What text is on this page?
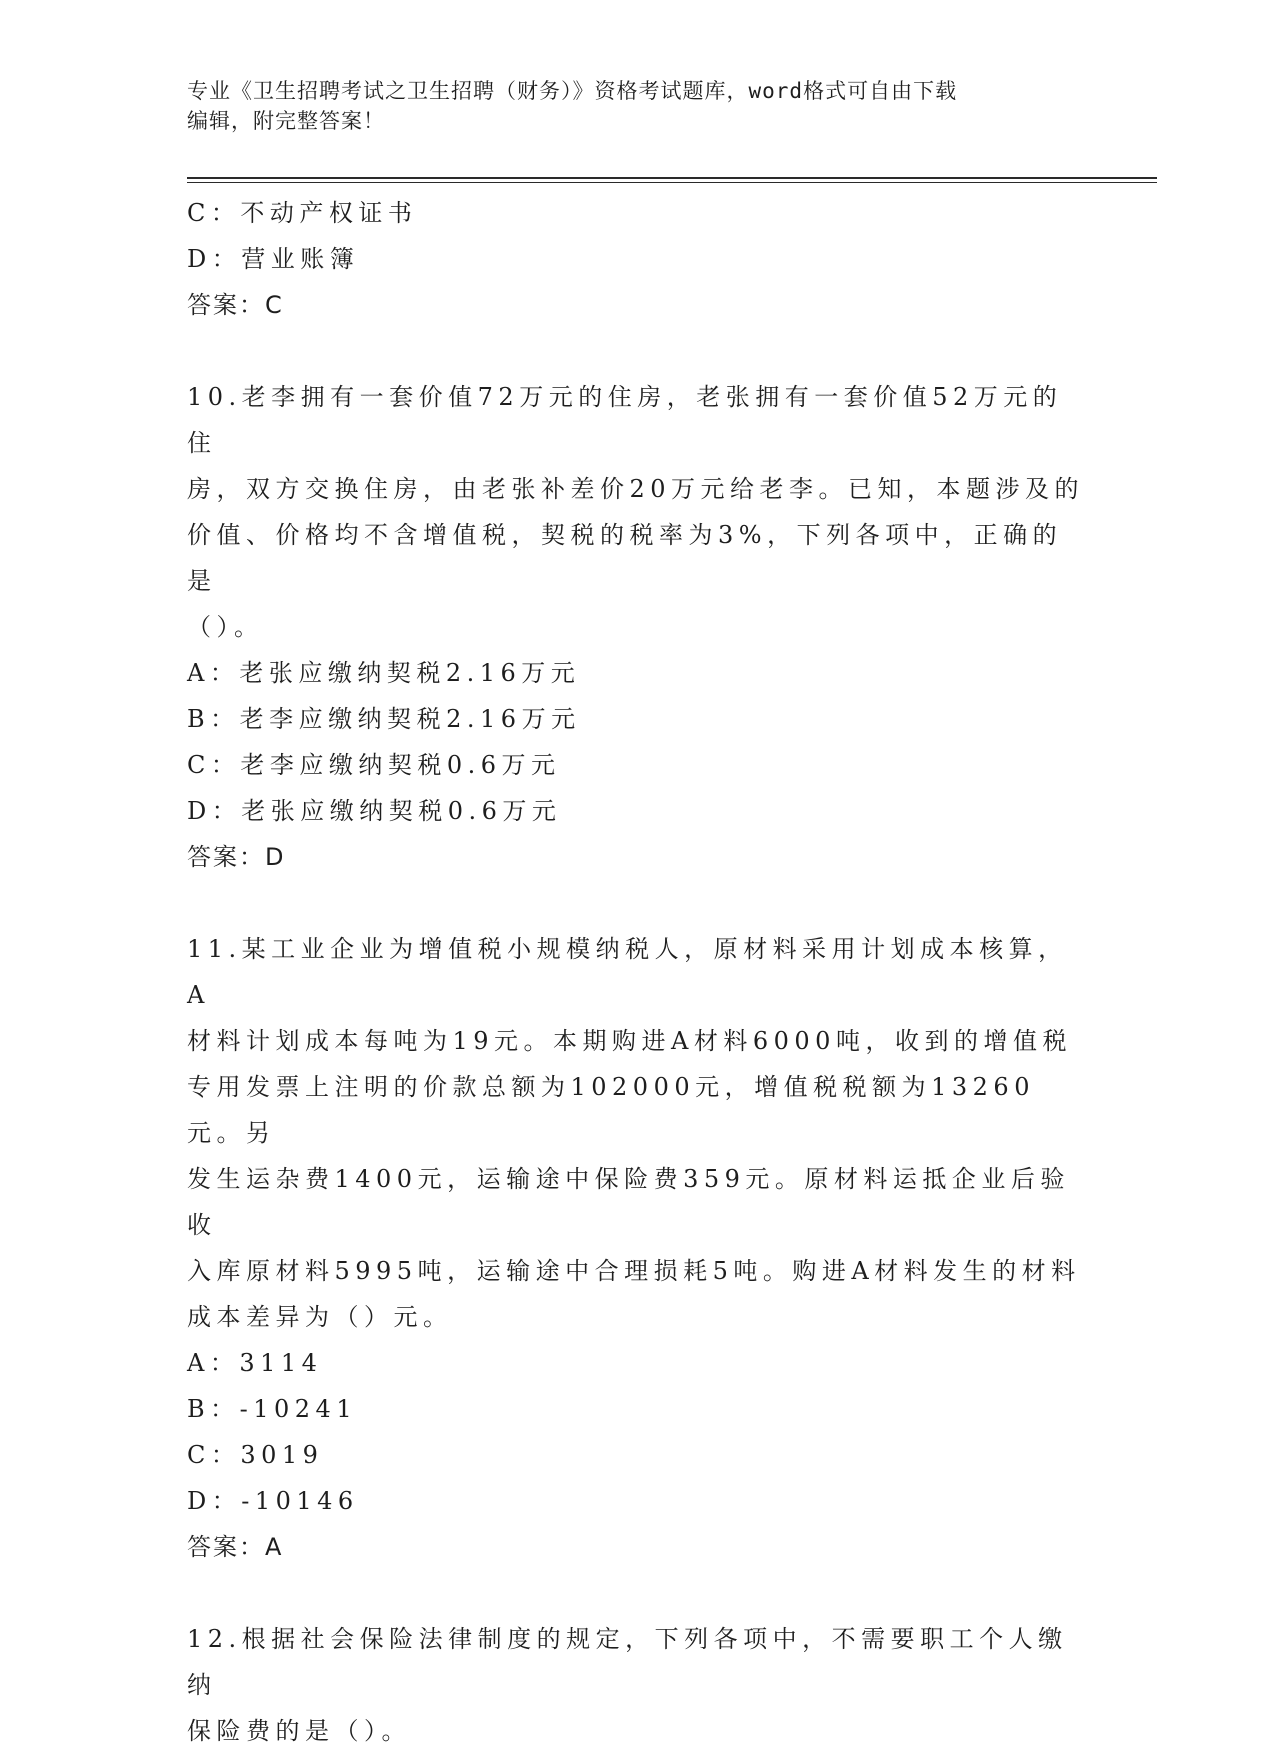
专业《卫生招聘考试之卫生招聘（财务）》资格考试题库，word格式可自由下载
编辑，附完整答案！

C：不动产权证书

D：营业账簿

答案：C

10.老李拥有一套价值72万元的住房，老张拥有一套价值52万元的住

房，双方交换住房，由老张补差价20万元给老李。已知，本题涉及的

价值、价格均不含增值税，契税的税率为3%，下列各项中，正确的是

（）。

A：老张应缴纳契税2.16万元

B：老李应缴纳契税2.16万元

C：老李应缴纳契税0.6万元

D：老张应缴纳契税0.6万元

答案：D

11.某工业企业为增值税小规模纳税人，原材料采用计划成本核算，A

材料计划成本每吨为19元。本期购进A材料6000吨，收到的增值税

专用发票上注明的价款总额为102000元，增值税税额为13260元。另

发生运杂费1400元，运输途中保险费359元。原材料运抵企业后验收

入库原材料5995吨，运输途中合理损耗5吨。购进A材料发生的材料

成本差异为（）元。

A：3114

B：-10241

C：3019

D：-10146

答案：A

12.根据社会保险法律制度的规定，下列各项中，不需要职工个人缴纳

保险费的是（）。
